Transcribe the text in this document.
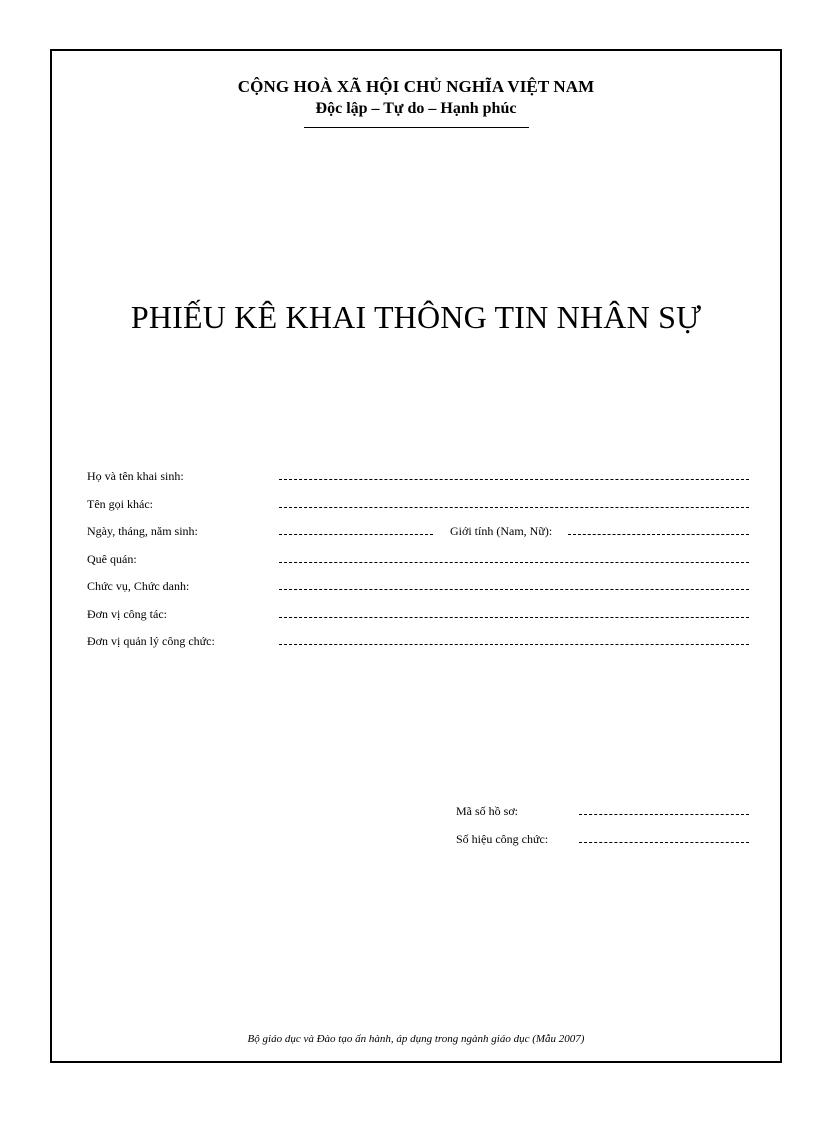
CỘNG HOÀ XÃ HỘI CHỦ NGHĨA VIỆT NAM
Độc lập – Tự do – Hạnh phúc
PHIẾU KÊ KHAI THÔNG TIN NHÂN SỰ
Họ và tên khai sinh:
Tên gọi khác:
Ngày, tháng, năm sinh:	Giới tính (Nam, Nữ):
Quê quán:
Chức vụ, Chức danh:
Đơn vị công tác:
Đơn vị quản lý công chức:
Mã số hồ sơ:
Số hiệu công chức:
Bộ giáo dục và Đào tạo ấn hành, áp dụng trong ngành giáo dục (Mẫu 2007)
